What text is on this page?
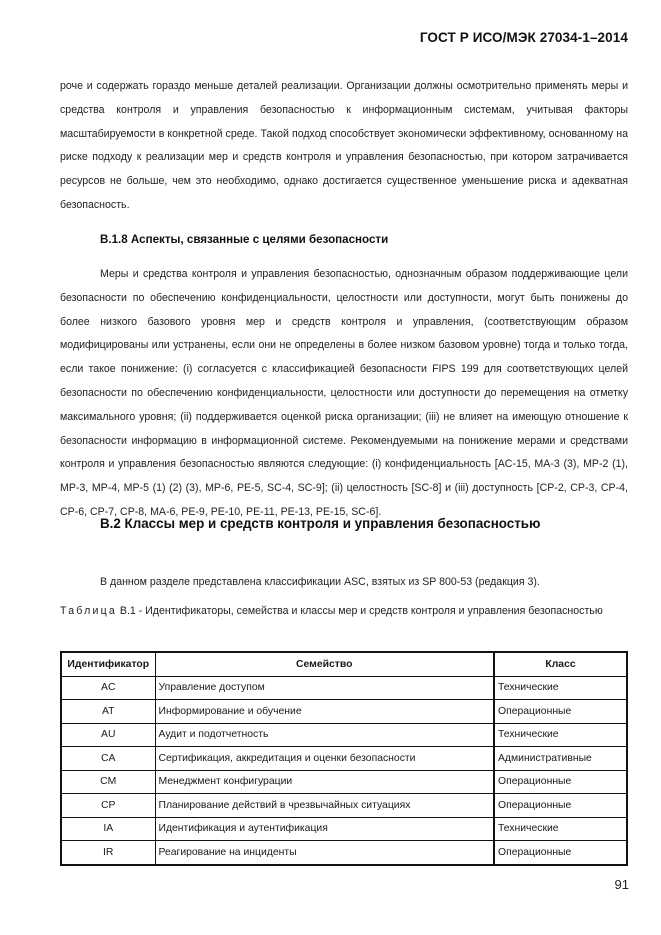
ГОСТ Р ИСО/МЭК 27034-1–2014
роче и содержать гораздо меньше деталей реализации. Организации должны осмотрительно применять меры и средства контроля и управления безопасностью к информационным системам, учитывая факторы масштабируемости в конкретной среде. Такой подход способствует экономически эффективному, основанному на риске подходу к реализации мер и средств контроля и управления безопасностью, при котором затрачивается ресурсов не больше, чем это необходимо, однако достигается существенное уменьшение риска и адекватная безопасность.
B.1.8 Аспекты, связанные с целями безопасности
Меры и средства контроля и управления безопасностью, однозначным образом поддерживающие цели безопасности по обеспечению конфиденциальности, целостности или доступности, могут быть понижены до более низкого базового уровня мер и средств контроля и управления, (соответствующим образом модифицированы или устранены, если они не определены в более низком базовом уровне) тогда и только тогда, если такое понижение: (i) согласуется с классификацией безопасности FIPS 199 для соответствующих целей безопасности по обеспечению конфиденциальности, целостности или доступности до перемещения на отметку максимального уровня; (ii) поддерживается оценкой риска организации; (iii) не влияет на имеющую отношение к безопасности информацию в информационной системе. Рекомендуемыми на понижение мерами и средствами контроля и управления безопасностью являются следующие: (i) конфиденциальность [AC-15, MA-3 (3), MP-2 (1), MP-3, MP-4, MP-5 (1) (2) (3), MP-6, PE-5, SC-4, SC-9]; (ii) целостность [SC-8] и (iii) доступность [CP-2, CP-3, CP-4, CP-6, CP-7, CP-8, MA-6, PE-9, PE-10, PE-11, PE-13, PE-15, SC-6].
B.2 Классы мер и средств контроля и управления безопасностью
В данном разделе представлена классификации ASC, взятых из SP 800-53 (редакция 3).
Таблица B.1 - Идентификаторы, семейства и классы мер и средств контроля и управления безопасностью
Идентификатор	Семейство	Класс
AC	Управление доступом	Технические
AT	Информирование и обучение	Операционные
AU	Аудит и подотчетность	Технические
CA	Сертификация, аккредитация и оценки безопасности	Административные
CM	Менеджмент конфигурации	Операционные
CP	Планирование действий в чрезвычайных ситуациях	Операционные
IA	Идентификация и аутентификация	Технические
IR	Реагирование на инциденты	Операционные
91
